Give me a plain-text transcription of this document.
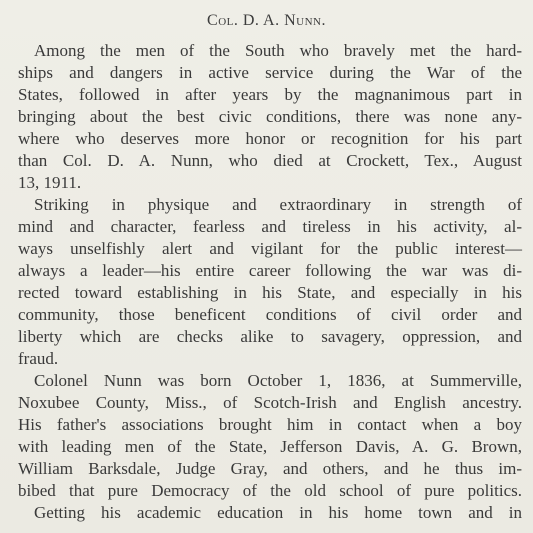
Col. D. A. Nunn.
Among the men of the South who bravely met the hard-
ships and dangers in active service during the War of the
States, followed in after years by the magnanimous part in
bringing about the best civic conditions, there was none any-
where who deserves more honor or recognition for his part
than Col. D. A. Nunn, who died at Crockett, Tex., August
13, 1911.
Striking in physique and extraordinary in strength of
mind and character, fearless and tireless in his activity, al-
ways unselfishly alert and vigilant for the public interest—
always a leader—his entire career following the war was di-
rected toward establishing in his State, and especially in his
community, those beneficent conditions of civil order and
liberty which are checks alike to savagery, oppression, and
fraud.
Colonel Nunn was born October 1, 1836, at Summerville,
Noxubee County, Miss., of Scotch-Irish and English ancestry.
His father's associations brought him in contact when a boy
with leading men of the State, Jefferson Davis, A. G. Brown,
William Barksdale, Judge Gray, and others, and he thus im-
bibed that pure Democracy of the old school of pure politics.
Getting his academic education in his home town and in
